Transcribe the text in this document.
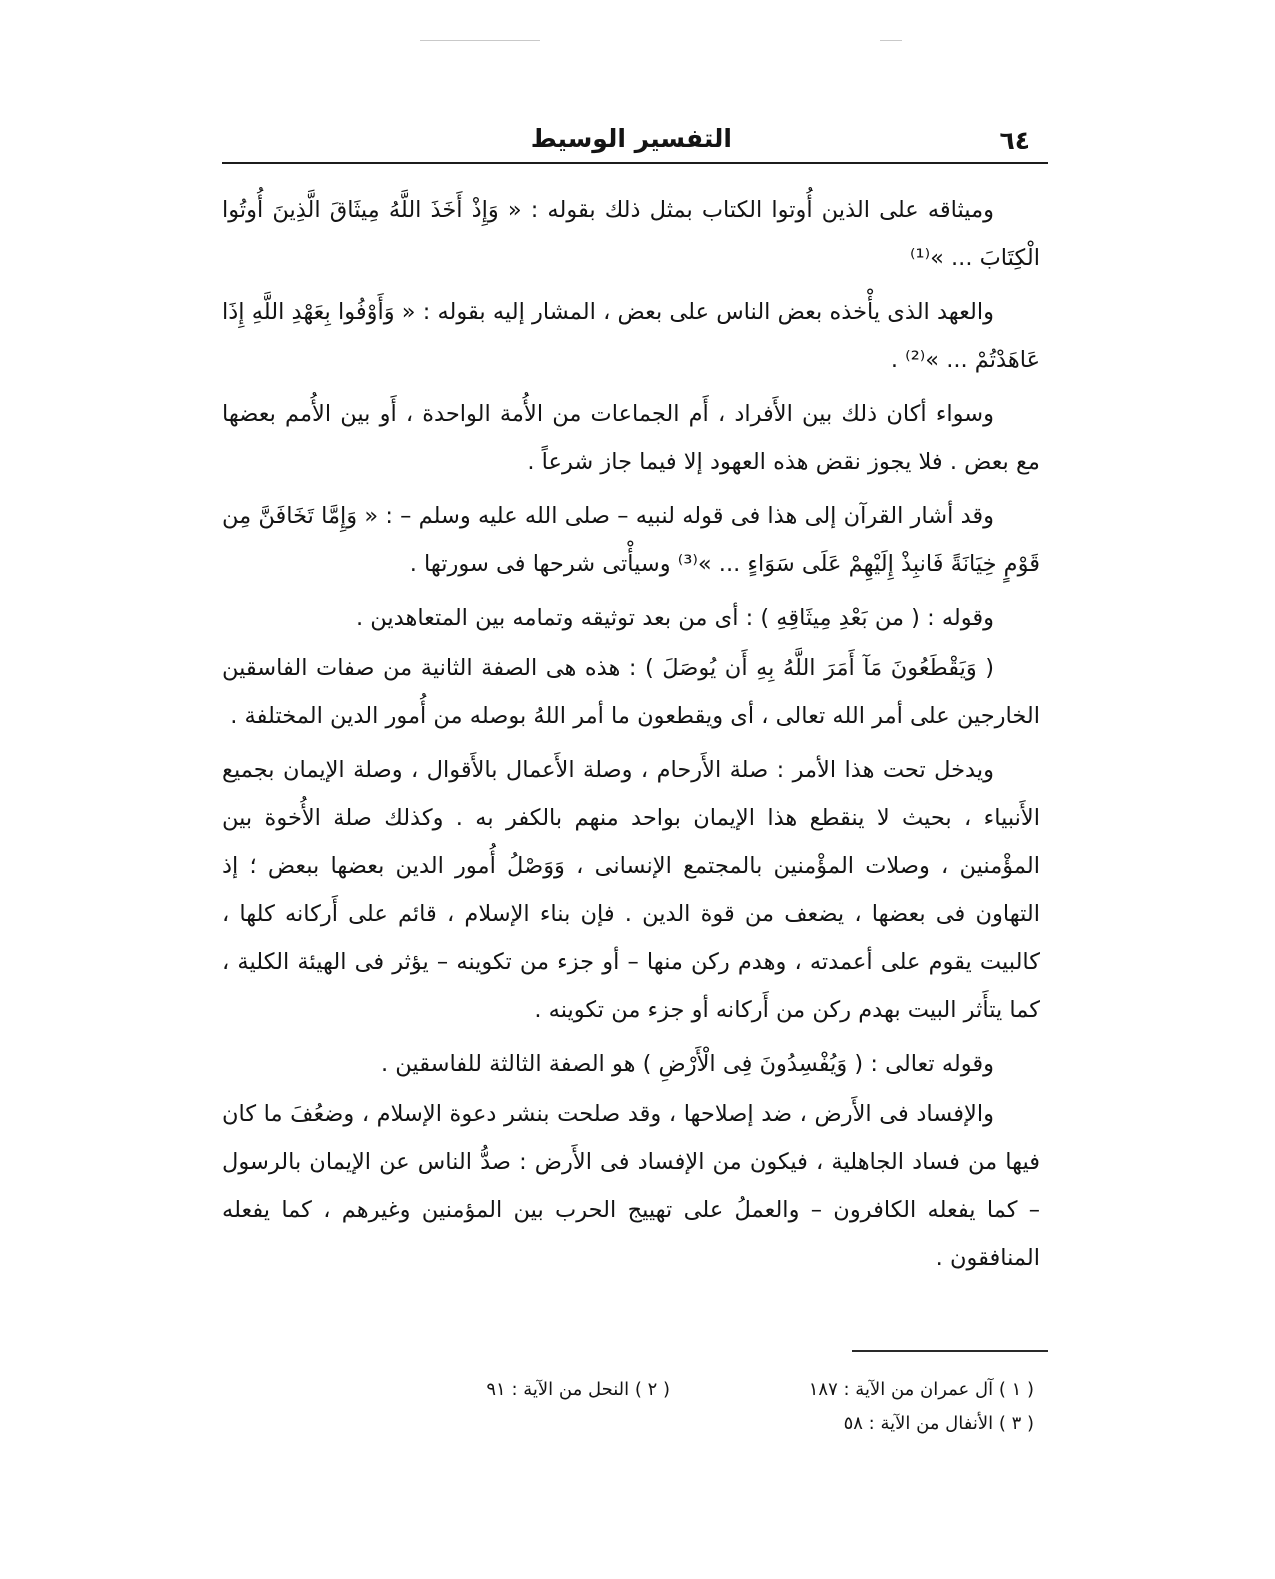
٦٤
التفسير الوسيط

وميثاقه على الذين أُوتوا الكتاب بمثل ذلك بقوله : « وَإِذْ أَخَذَ اللَّهُ مِيثَاقَ الَّذِينَ أُوتُوا الْكِتَابَ ... »⁽¹⁾

والعهد الذى يأْخذه بعض الناس على بعض ، المشار إليه بقوله : « وَأَوْفُوا بِعَهْدِ اللَّهِ إِذَا عَاهَدْتُمْ ... »⁽²⁾ .

وسواء أكان ذلك بين الأَفراد ، أَم الجماعات من الأُمة الواحدة ، أَو بين الأُمم بعضها مع بعض . فلا يجوز نقض هذه العهود إلا فيما جاز شرعاً .

وقد أشار القرآن إلى هذا فى قوله لنبيه – صلى الله عليه وسلم – : « وَإِمَّا تَخَافَنَّ مِن قَوْمٍ خِيَانَةً فَانبِذْ إِلَيْهِمْ عَلَى سَوَاءٍ ... »⁽³⁾ وسيأْتى شرحها فى سورتها .

وقوله : ( من بَعْدِ مِيثَاقِهِ ) : أى من بعد توثيقه وتمامه بين المتعاهدين .

( وَيَقْطَعُونَ مَآ أَمَرَ اللَّهُ بِهِ أَن يُوصَلَ ) : هذه هى الصفة الثانية من صفات الفاسقين الخارجين على أمر الله تعالى ، أى ويقطعون ما أمر اللهُ بوصله من أُمور الدين المختلفة .

ويدخل تحت هذا الأمر : صلة الأَرحام ، وصلة الأَعمال بالأَقوال ، وصلة الإيمان بجميع الأَنبياء ، بحيث لا ينقطع هذا الإيمان بواحد منهم بالكفر به . وكذلك صلة الأُخوة بين المؤْمنين ، وصلات المؤْمنين بالمجتمع الإنسانى ، وَوَصْلُ أُمور الدين بعضها ببعض ؛ إذ التهاون فى بعضها ، يضعف من قوة الدين . فإن بناء الإسلام ، قائم على أَركانه كلها ، كالبيت يقوم على أعمدته ، وهدم ركن منها – أو جزء من تكوينه – يؤثر فى الهيئة الكلية ، كما يتأَثر البيت بهدم ركن من أَركانه أو جزء من تكوينه .

وقوله تعالى : ( وَيُفْسِدُونَ فِى الْأَرْضِ ) هو الصفة الثالثة للفاسقين .

والإفساد فى الأَرض ، ضد إصلاحها ، وقد صلحت بنشر دعوة الإسلام ، وضعُفَ ما كان فيها من فساد الجاهلية ، فيكون من الإفساد فى الأَرض : صدُّ الناس عن الإيمان بالرسول – كما يفعله الكافرون – والعملُ على تهييج الحرب بين المؤمنين وغيرهم ، كما يفعله المنافقون .

( ١ ) آل عمران من الآية : ١٨٧
( ٢ ) النحل من الآية : ٩١
( ٣ ) الأنفال من الآية : ٥٨
